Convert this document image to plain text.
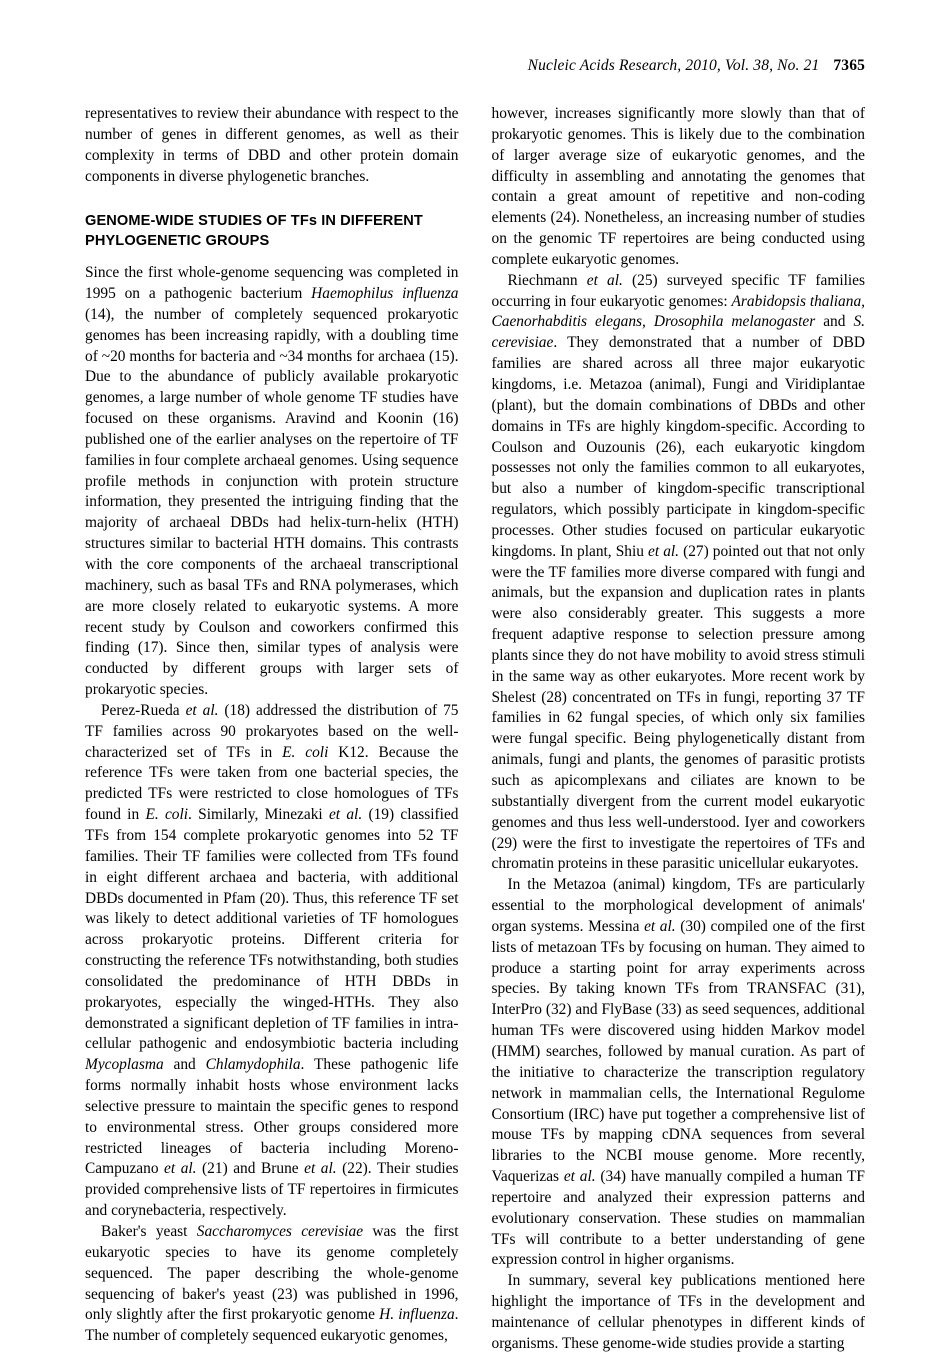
Nucleic Acids Research, 2010, Vol. 38, No. 21 7365

representatives to review their abundance with respect to the number of genes in different genomes, as well as their complexity in terms of DBD and other protein domain components in diverse phylogenetic branches.

GENOME-WIDE STUDIES OF TFs IN DIFFERENT PHYLOGENETIC GROUPS

Since the first whole-genome sequencing was completed in 1995 on a pathogenic bacterium Haemophilus influenza (14), the number of completely sequenced prokaryotic genomes has been increasing rapidly, with a doubling time of ~20 months for bacteria and ~34 months for archaea (15). Due to the abundance of publicly available prokaryotic genomes, a large number of whole genome TF studies have focused on these organisms. Aravind and Koonin (16) published one of the earlier analyses on the repertoire of TF families in four complete archaeal genomes. Using sequence profile methods in conjunction with protein structure information, they presented the intriguing finding that the majority of archaeal DBDs had helix-turn-helix (HTH) structures similar to bacterial HTH domains. This contrasts with the core components of the archaeal transcriptional machinery, such as basal TFs and RNA polymerases, which are more closely related to eukaryotic systems. A more recent study by Coulson and coworkers confirmed this finding (17). Since then, similar types of analysis were conducted by different groups with larger sets of prokaryotic species.

Perez-Rueda et al. (18) addressed the distribution of 75 TF families across 90 prokaryotes based on the well-characterized set of TFs in E. coli K12. Because the reference TFs were taken from one bacterial species, the predicted TFs were restricted to close homologues of TFs found in E. coli. Similarly, Minezaki et al. (19) classified TFs from 154 complete prokaryotic genomes into 52 TF families. Their TF families were collected from TFs found in eight different archaea and bacteria, with additional DBDs documented in Pfam (20). Thus, this reference TF set was likely to detect additional varieties of TF homologues across prokaryotic proteins. Different criteria for constructing the reference TFs notwithstanding, both studies consolidated the predominance of HTH DBDs in prokaryotes, especially the winged-HTHs. They also demonstrated a significant depletion of TF families in intra-cellular pathogenic and endosymbiotic bacteria including Mycoplasma and Chlamydophila. These pathogenic life forms normally inhabit hosts whose environment lacks selective pressure to maintain the specific genes to respond to environmental stress. Other groups considered more restricted lineages of bacteria including Moreno-Campuzano et al. (21) and Brune et al. (22). Their studies provided comprehensive lists of TF repertoires in firmicutes and corynebacteria, respectively.

Baker's yeast Saccharomyces cerevisiae was the first eukaryotic species to have its genome completely sequenced. The paper describing the whole-genome sequencing of baker's yeast (23) was published in 1996, only slightly after the first prokaryotic genome H. influenza. The number of completely sequenced eukaryotic genomes,

however, increases significantly more slowly than that of prokaryotic genomes. This is likely due to the combination of larger average size of eukaryotic genomes, and the difficulty in assembling and annotating the genomes that contain a great amount of repetitive and non-coding elements (24). Nonetheless, an increasing number of studies on the genomic TF repertoires are being conducted using complete eukaryotic genomes.

Riechmann et al. (25) surveyed specific TF families occurring in four eukaryotic genomes: Arabidopsis thaliana, Caenorhabditis elegans, Drosophila melanogaster and S. cerevisiae. They demonstrated that a number of DBD families are shared across all three major eukaryotic kingdoms, i.e. Metazoa (animal), Fungi and Viridiplantae (plant), but the domain combinations of DBDs and other domains in TFs are highly kingdom-specific. According to Coulson and Ouzounis (26), each eukaryotic kingdom possesses not only the families common to all eukaryotes, but also a number of kingdom-specific transcriptional regulators, which possibly participate in kingdom-specific processes. Other studies focused on particular eukaryotic kingdoms. In plant, Shiu et al. (27) pointed out that not only were the TF families more diverse compared with fungi and animals, but the expansion and duplication rates in plants were also considerably greater. This suggests a more frequent adaptive response to selection pressure among plants since they do not have mobility to avoid stress stimuli in the same way as other eukaryotes. More recent work by Shelest (28) concentrated on TFs in fungi, reporting 37 TF families in 62 fungal species, of which only six families were fungal specific. Being phylogenetically distant from animals, fungi and plants, the genomes of parasitic protists such as apicomplexans and ciliates are known to be substantially divergent from the current model eukaryotic genomes and thus less well-understood. Iyer and coworkers (29) were the first to investigate the repertoires of TFs and chromatin proteins in these parasitic unicellular eukaryotes.

In the Metazoa (animal) kingdom, TFs are particularly essential to the morphological development of animals' organ systems. Messina et al. (30) compiled one of the first lists of metazoan TFs by focusing on human. They aimed to produce a starting point for array experiments across species. By taking known TFs from TRANSFAC (31), InterPro (32) and FlyBase (33) as seed sequences, additional human TFs were discovered using hidden Markov model (HMM) searches, followed by manual curation. As part of the initiative to characterize the transcription regulatory network in mammalian cells, the International Regulome Consortium (IRC) have put together a comprehensive list of mouse TFs by mapping cDNA sequences from several libraries to the NCBI mouse genome. More recently, Vaquerizas et al. (34) have manually compiled a human TF repertoire and analyzed their expression patterns and evolutionary conservation. These studies on mammalian TFs will contribute to a better understanding of gene expression control in higher organisms.

In summary, several key publications mentioned here highlight the importance of TFs in the development and maintenance of cellular phenotypes in different kinds of organisms. These genome-wide studies provide a starting
